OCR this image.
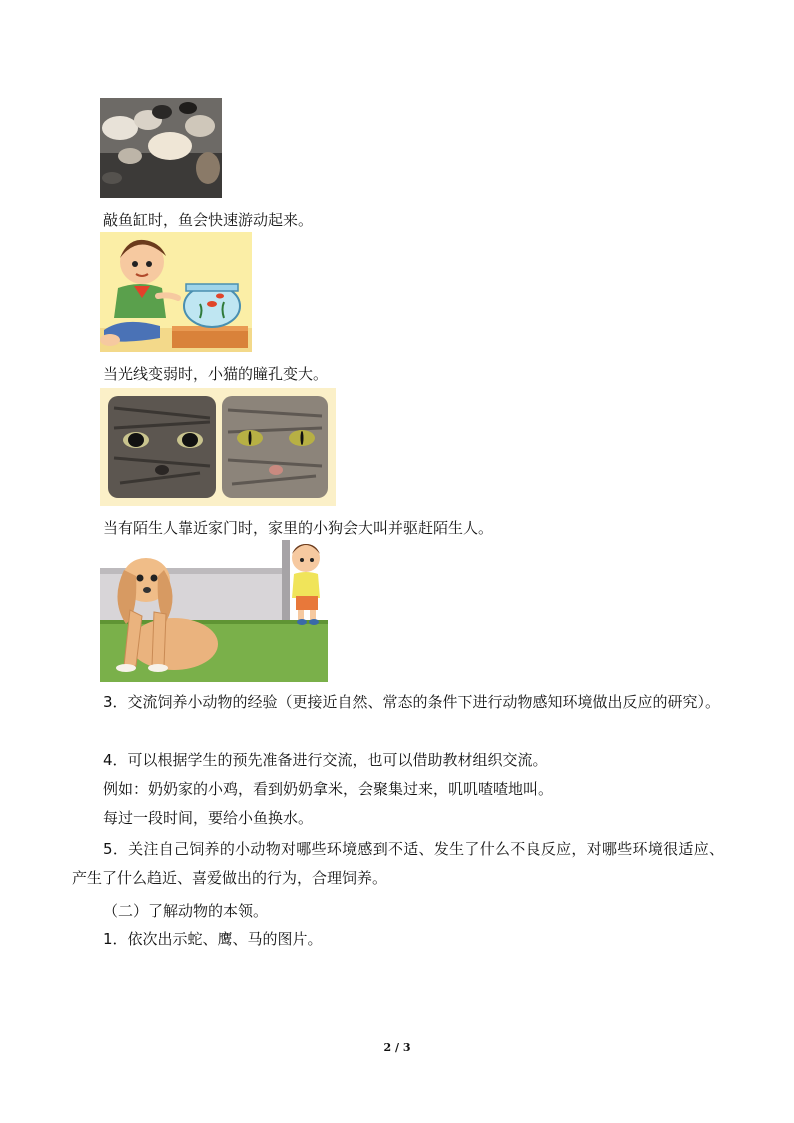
敲鱼缸时，鱼会快速游动起来。
当光线变弱时，小猫的瞳孔变大。
当有陌生人靠近家门时，家里的小狗会大叫并驱赶陌生人。
3．交流饲养小动物的经验（更接近自然、常态的条件下进行动物感知环境做出反应的研究）。
4．可以根据学生的预先准备进行交流，也可以借助教材组织交流。
例如：奶奶家的小鸡，看到奶奶拿米，会聚集过来，叽叽喳喳地叫。
每过一段时间，要给小鱼换水。
5．关注自己饲养的小动物对哪些环境感到不适、发生了什么不良反应，对哪些环境很适应、产生了什么趋近、喜爱做出的行为，合理饲养。
（二）了解动物的本领。
1．依次出示蛇、鹰、马的图片。
2 / 3
